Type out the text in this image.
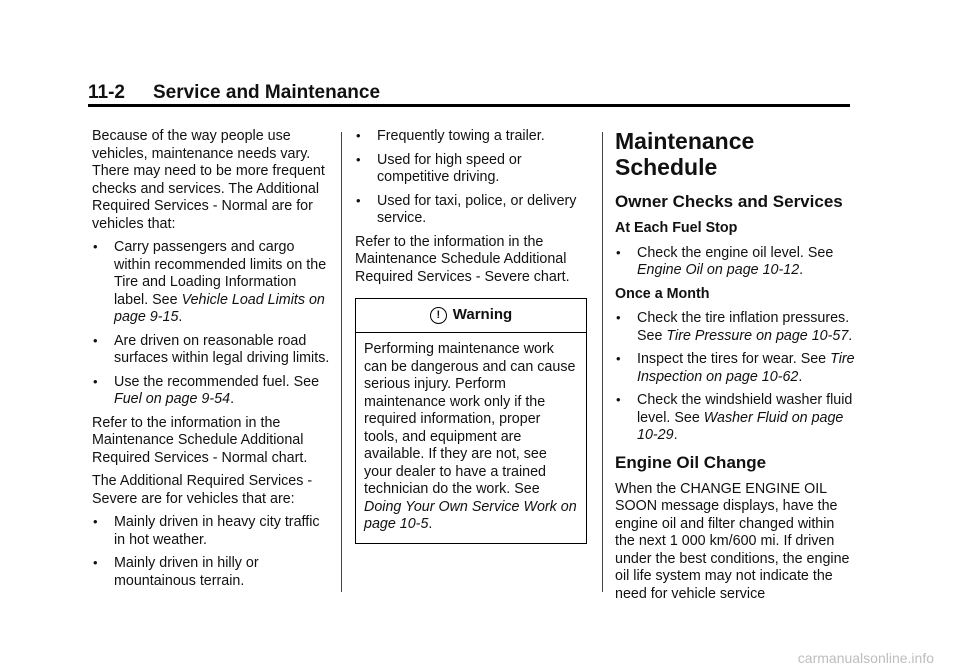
11-2 Service and Maintenance

Because of the way people use vehicles, maintenance needs vary. There may need to be more frequent checks and services. The Additional Required Services - Normal are for vehicles that:

• Carry passengers and cargo within recommended limits on the Tire and Loading Information label. See Vehicle Load Limits on page 9-15.
• Are driven on reasonable road surfaces within legal driving limits.
• Use the recommended fuel. See Fuel on page 9-54.

Refer to the information in the Maintenance Schedule Additional Required Services - Normal chart.

The Additional Required Services - Severe are for vehicles that are:

• Mainly driven in heavy city traffic in hot weather.
• Mainly driven in hilly or mountainous terrain.
• Frequently towing a trailer.
• Used for high speed or competitive driving.
• Used for taxi, police, or delivery service.

Refer to the information in the Maintenance Schedule Additional Required Services - Severe chart.

! Warning
Performing maintenance work can be dangerous and can cause serious injury. Perform maintenance work only if the required information, proper tools, and equipment are available. If they are not, see your dealer to have a trained technician do the work. See Doing Your Own Service Work on page 10-5.
Maintenance Schedule
Owner Checks and Services

At Each Fuel Stop

• Check the engine oil level. See Engine Oil on page 10-12.

Once a Month

• Check the tire inflation pressures. See Tire Pressure on page 10-57.
• Inspect the tires for wear. See Tire Inspection on page 10-62.
• Check the windshield washer fluid level. See Washer Fluid on page 10-29.
Engine Oil Change

When the CHANGE ENGINE OIL SOON message displays, have the engine oil and filter changed within the next 1 000 km/600 mi. If driven under the best conditions, the engine oil life system may not indicate the need for vehicle service

carmanualsonline.info
